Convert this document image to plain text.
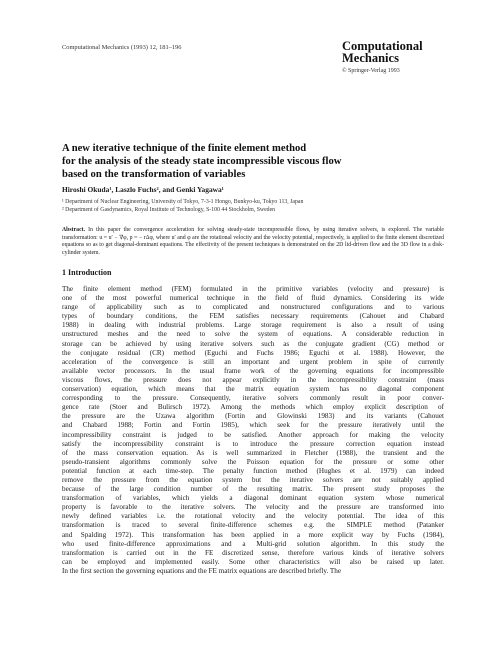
Computational Mechanics (1993) 12, 181–196	Computational
Mechanics
© Springer-Verlag 1993
A new iterative technique of the finite element method
for the analysis of the steady state incompressible viscous flow
based on the transformation of variables
Hiroshi Okuda¹, Laszlo Fuchs², and Genki Yagawa¹
¹ Department of Nuclear Engineering, University of Tokyo, 7-3-1 Hongo, Bunkyo-ku, Tokyo 113, Japan
² Department of Gasdynamics, Royal Institute of Technology, S-100 44 Stockholm, Sweden
Abstract. In this paper the convergence acceleration for solving steady-state incompressible flows, by using iterative solvers, is explored. The variable transformation: u = u′ − ∇φ, p = − rΔφ, where u′ and φ are the rotational velocity and the velocity potential, respectively, is applied to the finite element discretized equations so as to get diagonal-dominant equations. The effectivity of the present techniques is demonstrated on the 2D lid-driven flow and the 3D flow in a disk-cylinder system.
1 Introduction
The finite element method (FEM) formulated in the primitive variables (velocity and pressure) is
one of the most powerful numerical technique in the field of fluid dynamics. Considering its wide
range of applicability such as to complicated and nonstructured configurations and to various
types of boundary conditions, the FEM satisfies necessary requirements (Cahouet and Chabard
1988) in dealing with industrial problems. Large storage requirement is also a result of using
unstructured meshes and the need to solve the system of equations. A considerable reduction in
storage can be achieved by using iterative solvers such as the conjugate gradient (CG) method or
the conjugate residual (CR) method (Eguchi and Fuchs 1986; Eguchi et al. 1988). However, the
acceleration of the convergence is still an important and urgent problem in spite of currently
available vector processors. In the usual frame work of the governing equations for incompressible
viscous flows, the pressure does not appear explicitly in the incompressibility constraint (mass
conservation) equation, which means that the matrix equation system has no diagonal component
corresponding to the pressure. Consequently, iterative solvers commonly result in poor conver-
gence rate (Stoer and Bulirsch 1972). Among the methods which employ explicit description of
the pressure are the Uzawa algorithm (Fortin and Glowinski 1983) and its variants (Cahouet
and Chabard 1988; Fortin and Fortin 1985), which seek for the pressure iteratively until the
incompressibility constraint is judged to be satisfied. Another approach for making the velocity
satisfy the incompressibility constraint is to introduce the pressure correction equation instead
of the mass conservation equation. As is well summarized in Fletcher (1988), the transient and the
pseudo-transient algorithms commonly solve the Poisson equation for the pressure or some other
potential function at each time-step. The penalty function method (Hughes et al. 1979) can indeed
remove the pressure from the equation system but the iterative solvers are not suitably applied
because of the large condition number of the resulting matrix. The present study proposes the
transformation of variables, which yields a diagonal dominant equation system whose numerical
property is favorable to the iterative solvers. The velocity and the pressure are transformed into
newly defined variables i.e. the rotational velocity and the velocity potential. The idea of this
transformation is traced to several finite-difference schemes e.g. the SIMPLE method (Patanker
and Spalding 1972). This transformation has been applied in a more explicit way by Fuchs (1984),
who used finite-difference approximations and a Multi-grid solution algorithm. In this study the
transformation is carried out in the FE discretized sense, therefore various kinds of iterative solvers
can be employed and implemented easily. Some other characteristics will also be raised up later.
In the first section the governing equations and the FE matrix equations are described briefly. The
